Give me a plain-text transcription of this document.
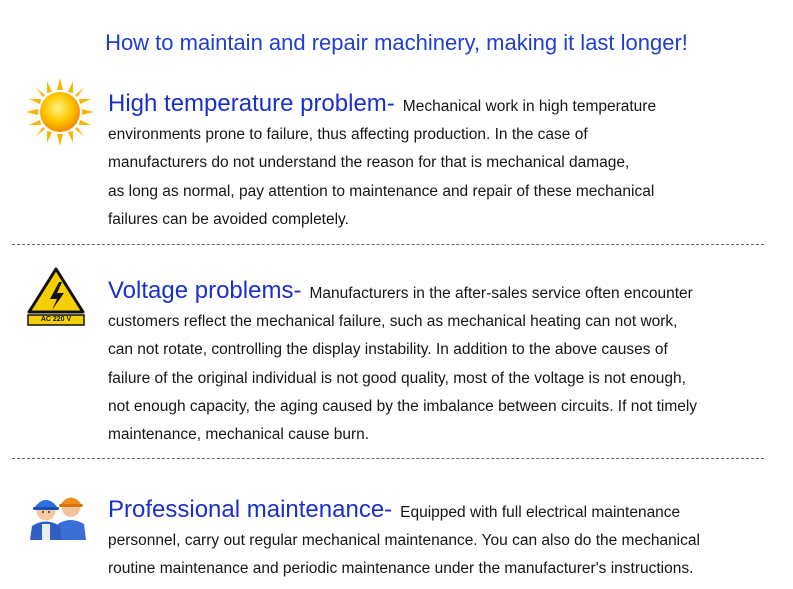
How to maintain and repair machinery, making it last longer!
High temperature problem- Mechanical work in high temperature
environments prone to failure, thus affecting production. In the case of
manufacturers do not understand the reason for that is mechanical damage,
as long as normal, pay attention to maintenance and repair of these mechanical
failures can be avoided completely.
AC 220 V
Voltage problems- Manufacturers in the after-sales service often encounter
customers reflect the mechanical failure, such as mechanical heating can not work,
can not rotate, controlling the display instability. In addition to the above causes of
failure of the original individual is not good quality, most of the voltage is not enough,
not enough capacity, the aging caused by the imbalance between circuits. If not timely
maintenance, mechanical cause burn.
Professional maintenance- Equipped with full electrical maintenance
personnel, carry out regular mechanical maintenance. You can also do the mechanical
routine maintenance and periodic maintenance under the manufacturer's instructions.
